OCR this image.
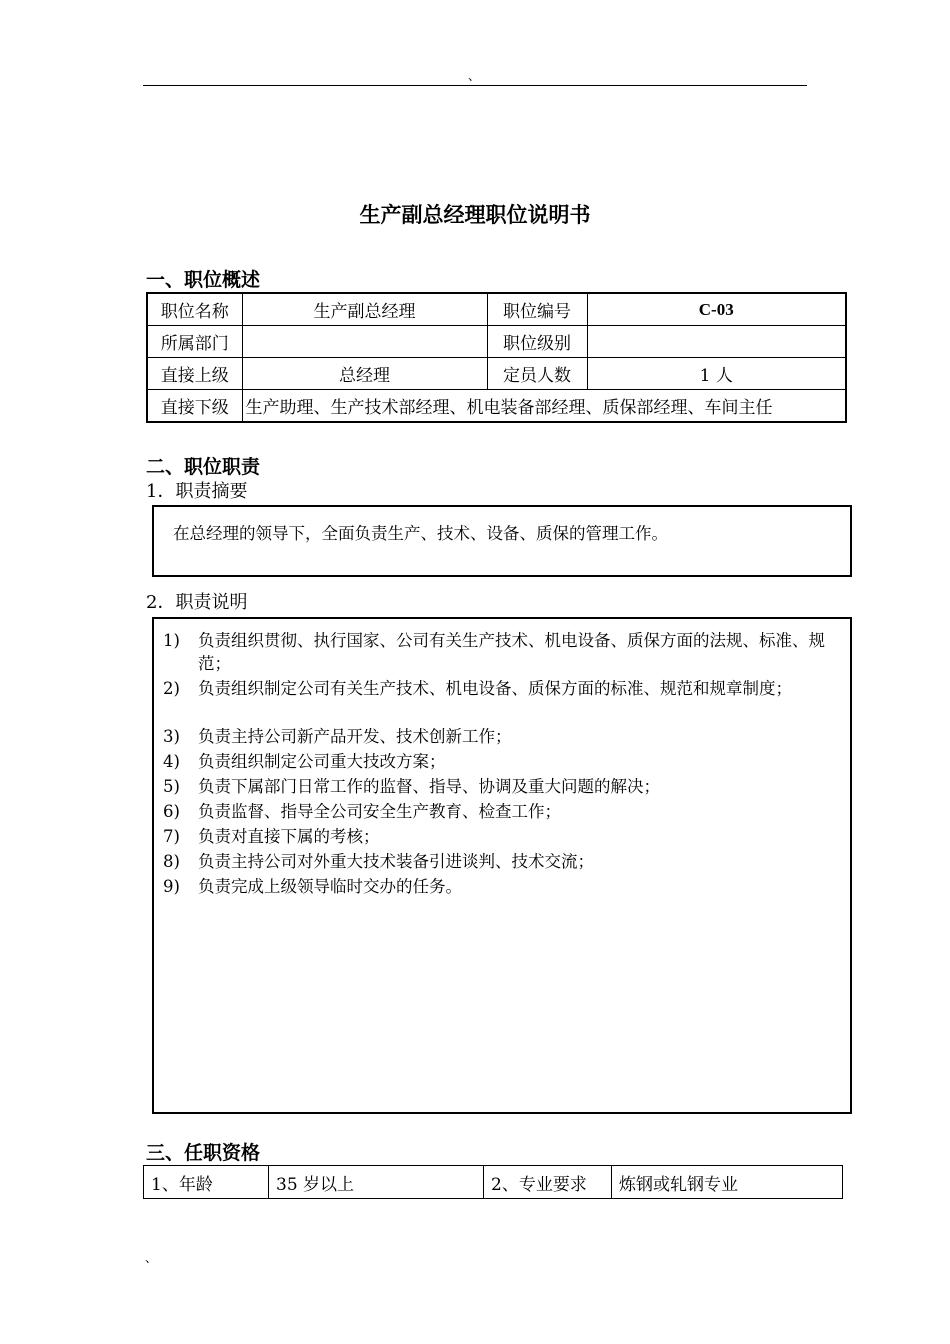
、
生产副总经理职位说明书
一、职位概述
职位名称	生产副总经理	职位编号	C-03
所属部门		职位级别	
直接上级	总经理	定员人数	1 人
直接下级	生产助理、生产技术部经理、机电装备部经理、质保部经理、车间主任		
二、职位职责
1．职责摘要
在总经理的领导下，全面负责生产、技术、设备、质保的管理工作。
2．职责说明
1)	负责组织贯彻、执行国家、公司有关生产技术、机电设备、质保方面的法规、标准、规范；
2)	负责组织制定公司有关生产技术、机电设备、质保方面的标准、规范和规章制度；
3)	负责主持公司新产品开发、技术创新工作；
4)	负责组织制定公司重大技改方案；
5)	负责下属部门日常工作的监督、指导、协调及重大问题的解决；
6)	负责监督、指导全公司安全生产教育、检查工作；
7)	负责对直接下属的考核；
8)	负责主持公司对外重大技术装备引进谈判、技术交流；
9)	负责完成上级领导临时交办的任务。
三、任职资格
1、年龄	35 岁以上	2、专业要求	炼钢或轧钢专业
、
